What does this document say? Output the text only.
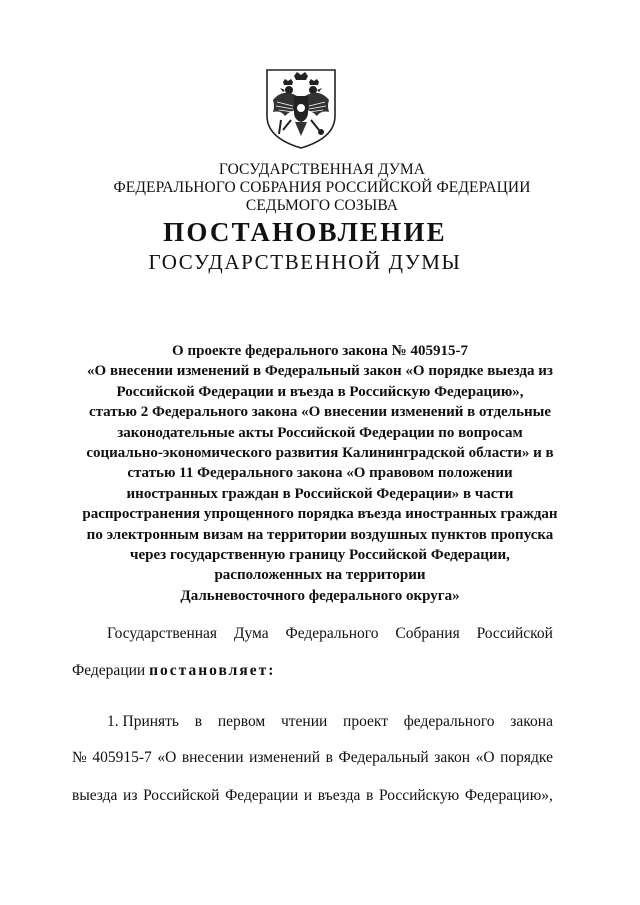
ГОСУДАРСТВЕННАЯ ДУМА
ФЕДЕРАЛЬНОГО СОБРАНИЯ РОССИЙСКОЙ ФЕДЕРАЦИИ
СЕДЬМОГО СОЗЫВА
ПОСТАНОВЛЕНИЕ
ГОСУДАРСТВЕННОЙ ДУМЫ
О проекте федерального закона № 405915-7
«О внесении изменений в Федеральный закон «О порядке выезда из
Российской Федерации и въезда в Российскую Федерацию»,
статью 2 Федерального закона «О внесении изменений в отдельные
законодательные акты Российской Федерации по вопросам
социально-экономического развития Калининградской области» и в
статью 11 Федерального закона «О правовом положении
иностранных граждан в Российской Федерации» в части
распространения упрощенного порядка въезда иностранных граждан
по электронным визам на территории воздушных пунктов пропуска
через государственную границу Российской Федерации,
расположенных на территории
Дальневосточного федерального округа»
Государственная Дума Федерального Собрания Российской
Федерации постановляет:
1. Принять в первом чтении проект федерального закона
№ 405915-7 «О внесении изменений в Федеральный закон «О порядке
выезда из Российской Федерации и въезда в Российскую Федерацию»,
